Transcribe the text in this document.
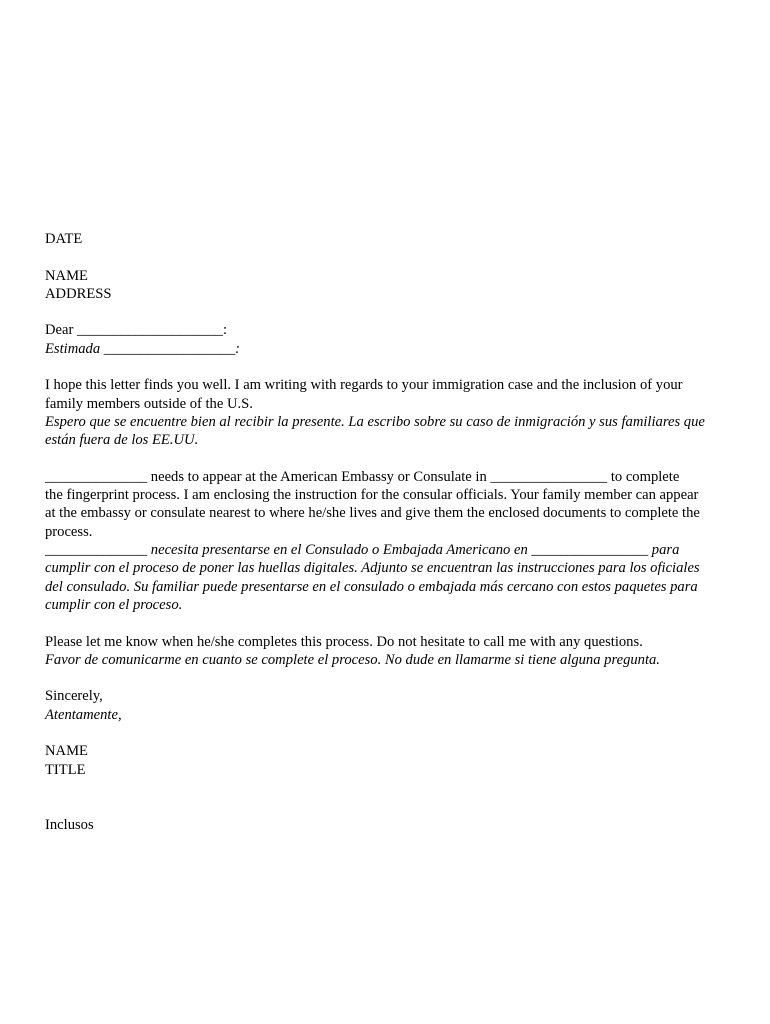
DATE
NAME
ADDRESS
Dear ____________________:
Estimada __________________:
I hope this letter finds you well. I am writing with regards to your immigration case and the inclusion of your
family members outside of the U.S.
Espero que se encuentre bien al recibir la presente. La escribo sobre su caso de inmigración y sus familiares que
están fuera de los EE.UU.
______________ needs to appear at the American Embassy or Consulate in ________________ to complete
the fingerprint process. I am enclosing the instruction for the consular officials. Your family member can appear
at the embassy or consulate nearest to where he/she lives and give them the enclosed documents to complete the
process.
______________ necesita presentarse en el Consulado o Embajada Americano en ________________ para
cumplir con el proceso de poner las huellas digitales. Adjunto se encuentran las instrucciones para los oficiales
del consulado. Su familiar puede presentarse en el consulado o embajada más cercano con estos paquetes para
cumplir con el proceso.
Please let me know when he/she completes this process. Do not hesitate to call me with any questions.
Favor de comunicarme en cuanto se complete el proceso. No dude en llamarme si tiene alguna pregunta.
Sincerely,
Atentamente,
NAME
TITLE
Inclusos
